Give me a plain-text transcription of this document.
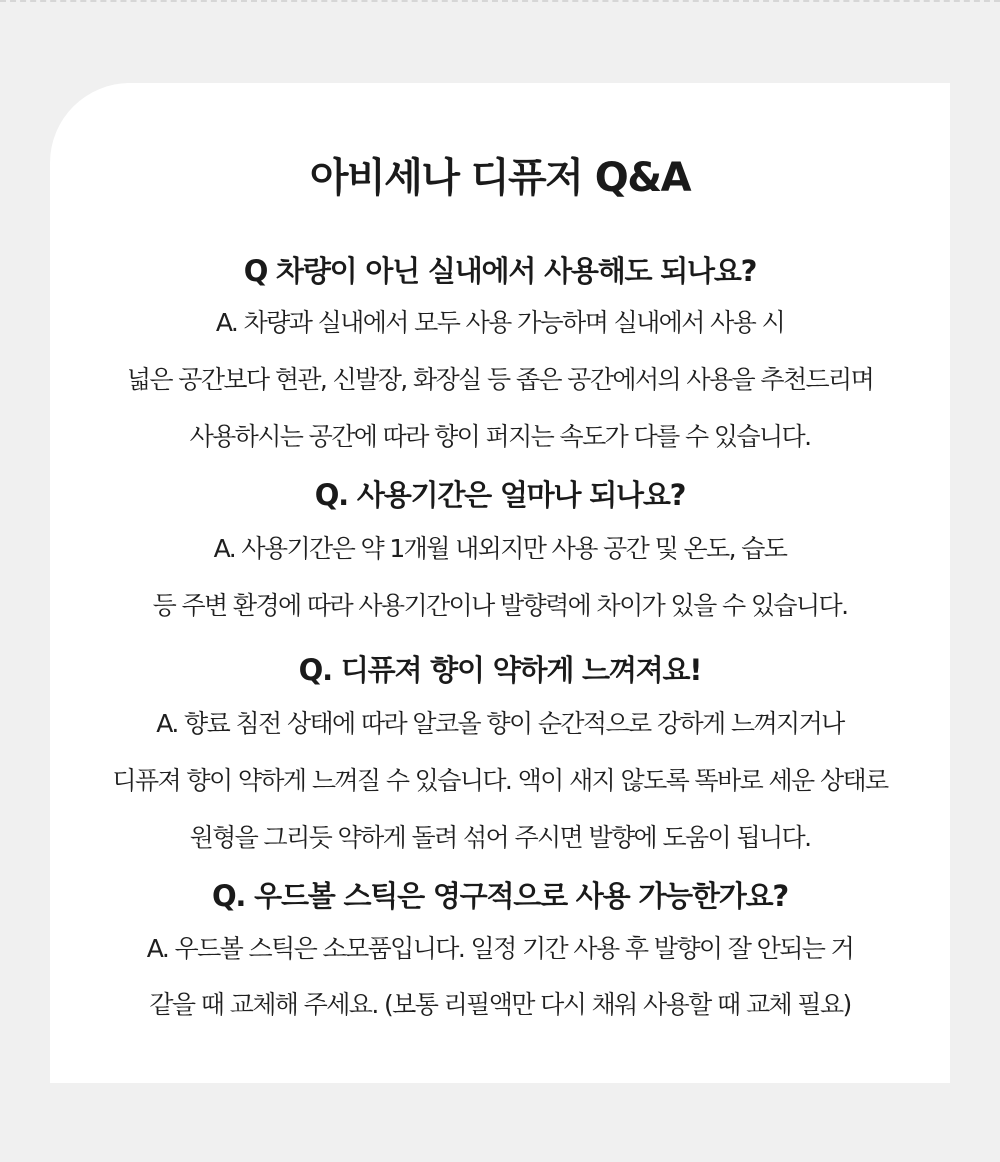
아비세나 디퓨저 Q&A

Q 차량이 아닌 실내에서 사용해도 되나요?

A. 차량과 실내에서 모두 사용 가능하며 실내에서 사용 시
넓은 공간보다 현관, 신발장, 화장실 등 좁은 공간에서의 사용을 추천드리며
사용하시는 공간에 따라 향이 퍼지는 속도가 다를 수 있습니다.

Q. 사용기간은 얼마나 되나요?

A. 사용기간은 약 1개월 내외지만 사용 공간 및 온도, 습도
등 주변 환경에 따라 사용기간이나 발향력에 차이가 있을 수 있습니다.

Q. 디퓨져 향이 약하게 느껴져요!

A. 향료 침전 상태에 따라 알코올 향이 순간적으로 강하게 느껴지거나
디퓨져 향이 약하게 느껴질 수 있습니다. 액이 새지 않도록 똑바로 세운 상태로
원형을 그리듯 약하게 돌려 섞어 주시면 발향에 도움이 됩니다.

Q. 우드볼 스틱은 영구적으로 사용 가능한가요?

A. 우드볼 스틱은 소모품입니다. 일정 기간 사용 후 발향이 잘 안되는 거
같을 때 교체해 주세요. (보통 리필액만 다시 채워 사용할 때 교체 필요)
